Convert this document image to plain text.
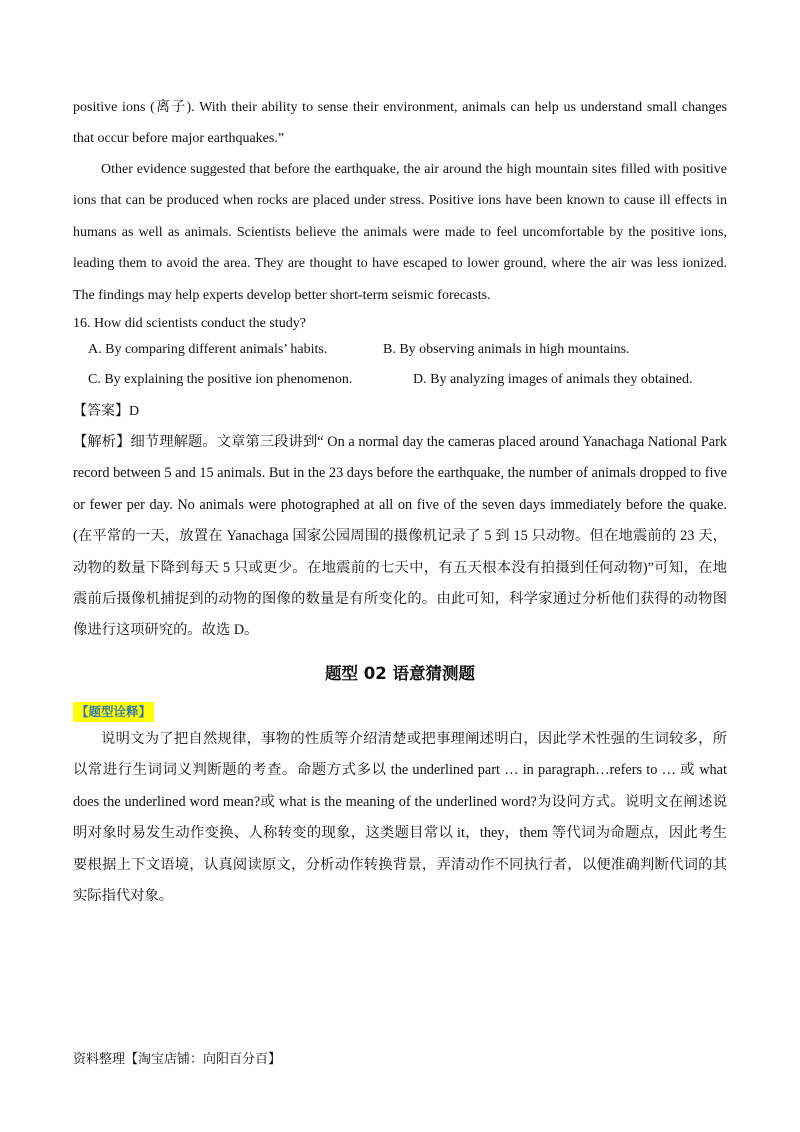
positive ions (离子). With their ability to sense their environment, animals can help us understand small changes that occur before major earthquakes.”

Other evidence suggested that before the earthquake, the air around the high mountain sites filled with positive ions that can be produced when rocks are placed under stress. Positive ions have been known to cause ill effects in humans as well as animals. Scientists believe the animals were made to feel uncomfortable by the positive ions, leading them to avoid the area. They are thought to have escaped to lower ground, where the air was less ionized. The findings may help experts develop better short-term seismic forecasts.

16. How did scientists conduct the study?

A. By comparing different animals’ habits.	B. By observing animals in high mountains.

C. By explaining the positive ion phenomenon.	D. By analyzing images of animals they obtained.

【答案】D

【解析】细节理解题。文章第三段讲到“ On a normal day the cameras placed around Yanachaga National Park record between 5 and 15 animals. But in the 23 days before the earthquake, the number of animals dropped to five or fewer per day. No animals were photographed at all on five of the seven days immediately before the quake. (在平常的一天，放置在 Yanachaga 国家公园周围的摄像机记录了 5 到 15 只动物。但在地震前的 23 天，动物的数量下降到每天 5 只或更少。在地震前的七天中，有五天根本没有拍摄到任何动物)”可知，在地震前后摄像机捕捉到的动物的图像的数量是有所变化的。由此可知，科学家通过分析他们获得的动物图像进行这项研究的。故选 D。

题型 02 语意猜测题

【题型诠释】

说明文为了把自然规律，事物的性质等介绍清楚或把事理阐述明白，因此学术性强的生词较多，所以常进行生词词义判断题的考查。命题方式多以 the underlined part … in paragraph…refers to … 或 what does the underlined word mean?或 what is the meaning of the underlined word?为设问方式。说明文在阐述说明对象时易发生动作变换、人称转变的现象，这类题目常以 it，they，them 等代词为命题点，因此考生要根据上下文语境，认真阅读原文，分析动作转换背景，弄清动作不同执行者，以便准确判断代词的其实际指代对象。

资料整理【淘宝店铺：向阳百分百】
